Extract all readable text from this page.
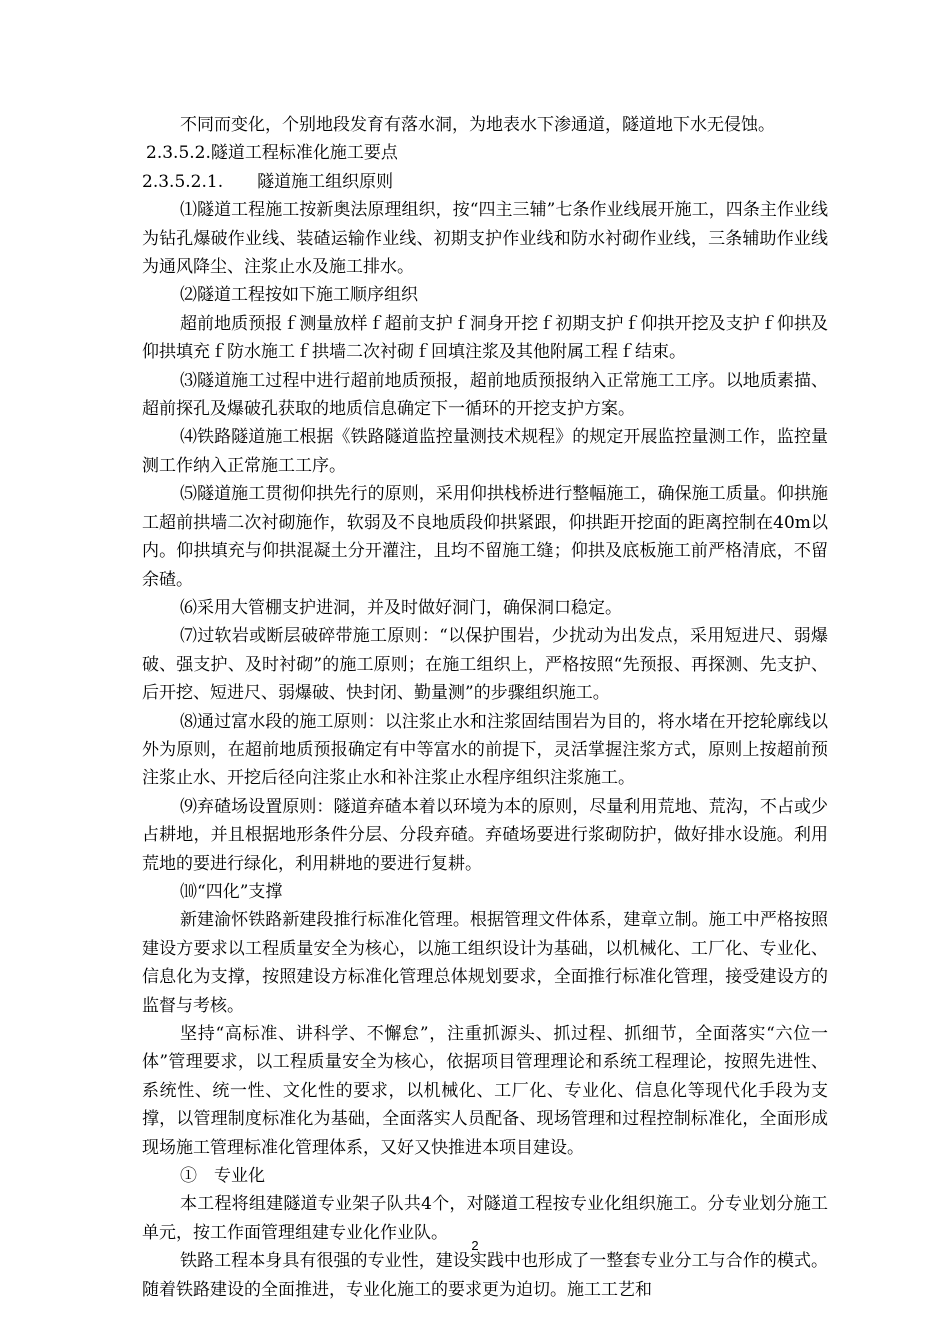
不同而变化，个别地段发育有落水洞，为地表水下渗通道，隧道地下水无侵蚀。

2.3.5.2.隧道工程标准化施工要点

2.3.5.2.1.　　隧道施工组织原则

⑴隧道工程施工按新奥法原理组织，按“四主三辅”七条作业线展开施工，四条主作业线为钻孔爆破作业线、装碴运输作业线、初期支护作业线和防水衬砌作业线，三条辅助作业线为通风降尘、注浆止水及施工排水。

⑵隧道工程按如下施工顺序组织

超前地质预报ｆ测量放样ｆ超前支护ｆ洞身开挖ｆ初期支护ｆ仰拱开挖及支护ｆ仰拱及仰拱填充ｆ防水施工ｆ拱墙二次衬砌ｆ回填注浆及其他附属工程ｆ结束。

⑶隧道施工过程中进行超前地质预报，超前地质预报纳入正常施工工序。以地质素描、超前探孔及爆破孔获取的地质信息确定下一循环的开挖支护方案。

⑷铁路隧道施工根据《铁路隧道监控量测技术规程》的规定开展监控量测工作，监控量测工作纳入正常施工工序。

⑸隧道施工贯彻仰拱先行的原则，采用仰拱栈桥进行整幅施工，确保施工质量。仰拱施工超前拱墙二次衬砌施作，软弱及不良地质段仰拱紧跟，仰拱距开挖面的距离控制在40m以内。仰拱填充与仰拱混凝土分开灌注，且均不留施工缝；仰拱及底板施工前严格清底，不留余碴。

⑹采用大管棚支护进洞，并及时做好洞门，确保洞口稳定。

⑺过软岩或断层破碎带施工原则：“以保护围岩，少扰动为出发点，采用短进尺、弱爆破、强支护、及时衬砌”的施工原则；在施工组织上，严格按照“先预报、再探测、先支护、后开挖、短进尺、弱爆破、快封闭、勤量测”的步骤组织施工。

⑻通过富水段的施工原则：以注浆止水和注浆固结围岩为目的，将水堵在开挖轮廓线以外为原则，在超前地质预报确定有中等富水的前提下，灵活掌握注浆方式，原则上按超前预注浆止水、开挖后径向注浆止水和补注浆止水程序组织注浆施工。

⑼弃碴场设置原则：隧道弃碴本着以环境为本的原则，尽量利用荒地、荒沟，不占或少占耕地，并且根据地形条件分层、分段弃碴。弃碴场要进行浆砌防护，做好排水设施。利用荒地的要进行绿化，利用耕地的要进行复耕。

⑽“四化”支撑

新建渝怀铁路新建段推行标准化管理。根据管理文件体系，建章立制。施工中严格按照建设方要求以工程质量安全为核心，以施工组织设计为基础，以机械化、工厂化、专业化、信息化为支撑，按照建设方标准化管理总体规划要求，全面推行标准化管理，接受建设方的监督与考核。

坚持“高标准、讲科学、不懈怠”，注重抓源头、抓过程、抓细节，全面落实“六位一体”管理要求，以工程质量安全为核心，依据项目管理理论和系统工程理论，按照先进性、系统性、统一性、文化性的要求，以机械化、工厂化、专业化、信息化等现代化手段为支撑，以管理制度标准化为基础，全面落实人员配备、现场管理和过程控制标准化，全面形成现场施工管理标准化管理体系，又好又快推进本项目建设。

①　专业化

本工程将组建隧道专业架子队共4个，对隧道工程按专业化组织施工。分专业划分施工单元，按工作面管理组建专业化作业队。

铁路工程本身具有很强的专业性，建设实践中也形成了一整套专业分工与合作的模式。随着铁路建设的全面推进，专业化施工的要求更为迫切。施工工艺和

2
